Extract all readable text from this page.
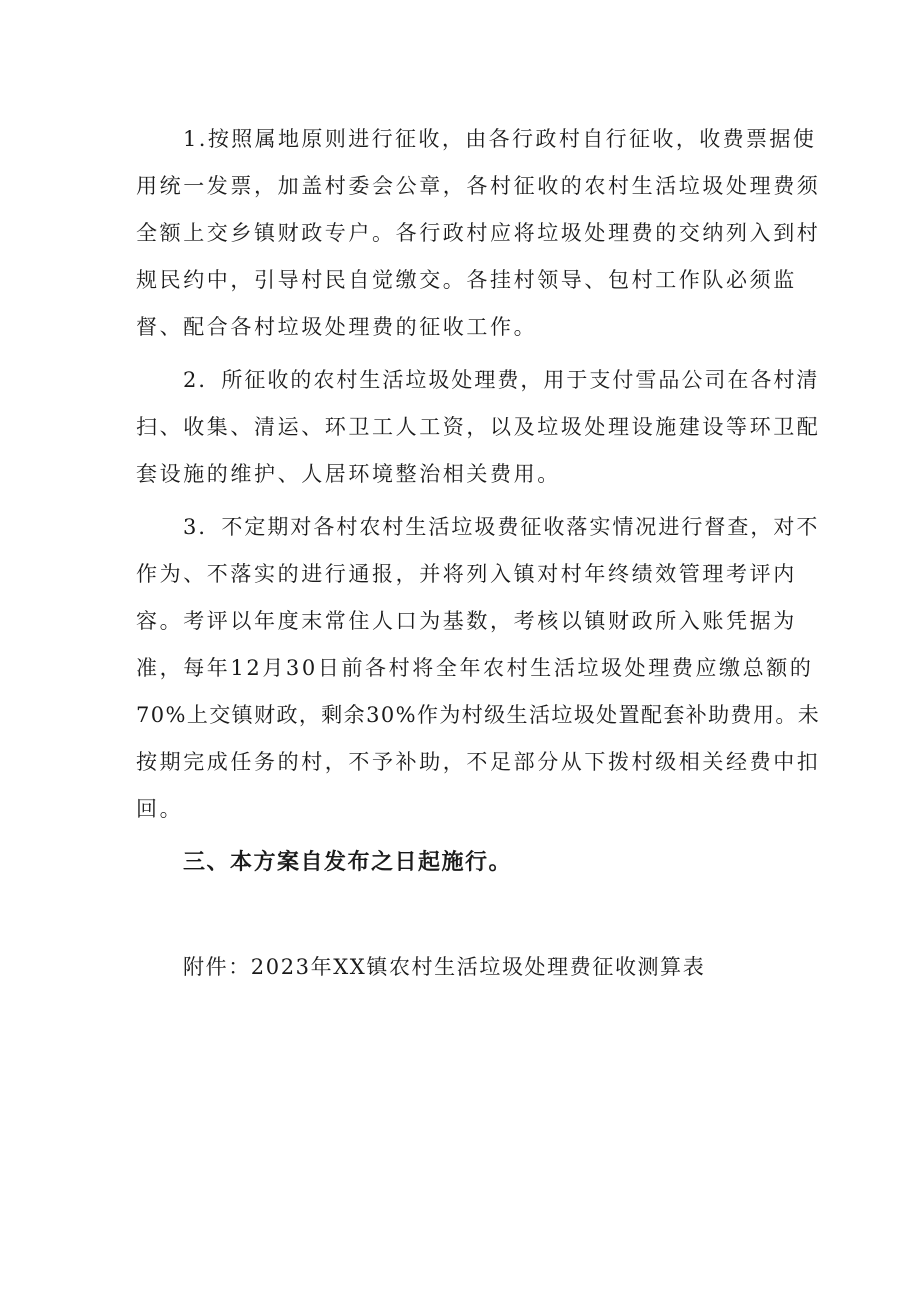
1.按照属地原则进行征收，由各行政村自行征收，收费票据使
用统一发票，加盖村委会公章，各村征收的农村生活垃圾处理费须
全额上交乡镇财政专户。各行政村应将垃圾处理费的交纳列入到村
规民约中，引导村民自觉缴交。各挂村领导、包村工作队必须监
督、配合各村垃圾处理费的征收工作。
2．所征收的农村生活垃圾处理费，用于支付雪品公司在各村清
扫、收集、清运、环卫工人工资，以及垃圾处理设施建设等环卫配
套设施的维护、人居环境整治相关费用。
3．不定期对各村农村生活垃圾费征收落实情况进行督查，对不
作为、不落实的进行通报，并将列入镇对村年终绩效管理考评内
容。考评以年度末常住人口为基数，考核以镇财政所入账凭据为
准，每年12月30日前各村将全年农村生活垃圾处理费应缴总额的
70%上交镇财政，剩余30%作为村级生活垃圾处置配套补助费用。未
按期完成任务的村，不予补助，不足部分从下拨村级相关经费中扣
回。
三、本方案自发布之日起施行。
附件：2023年XX镇农村生活垃圾处理费征收测算表
